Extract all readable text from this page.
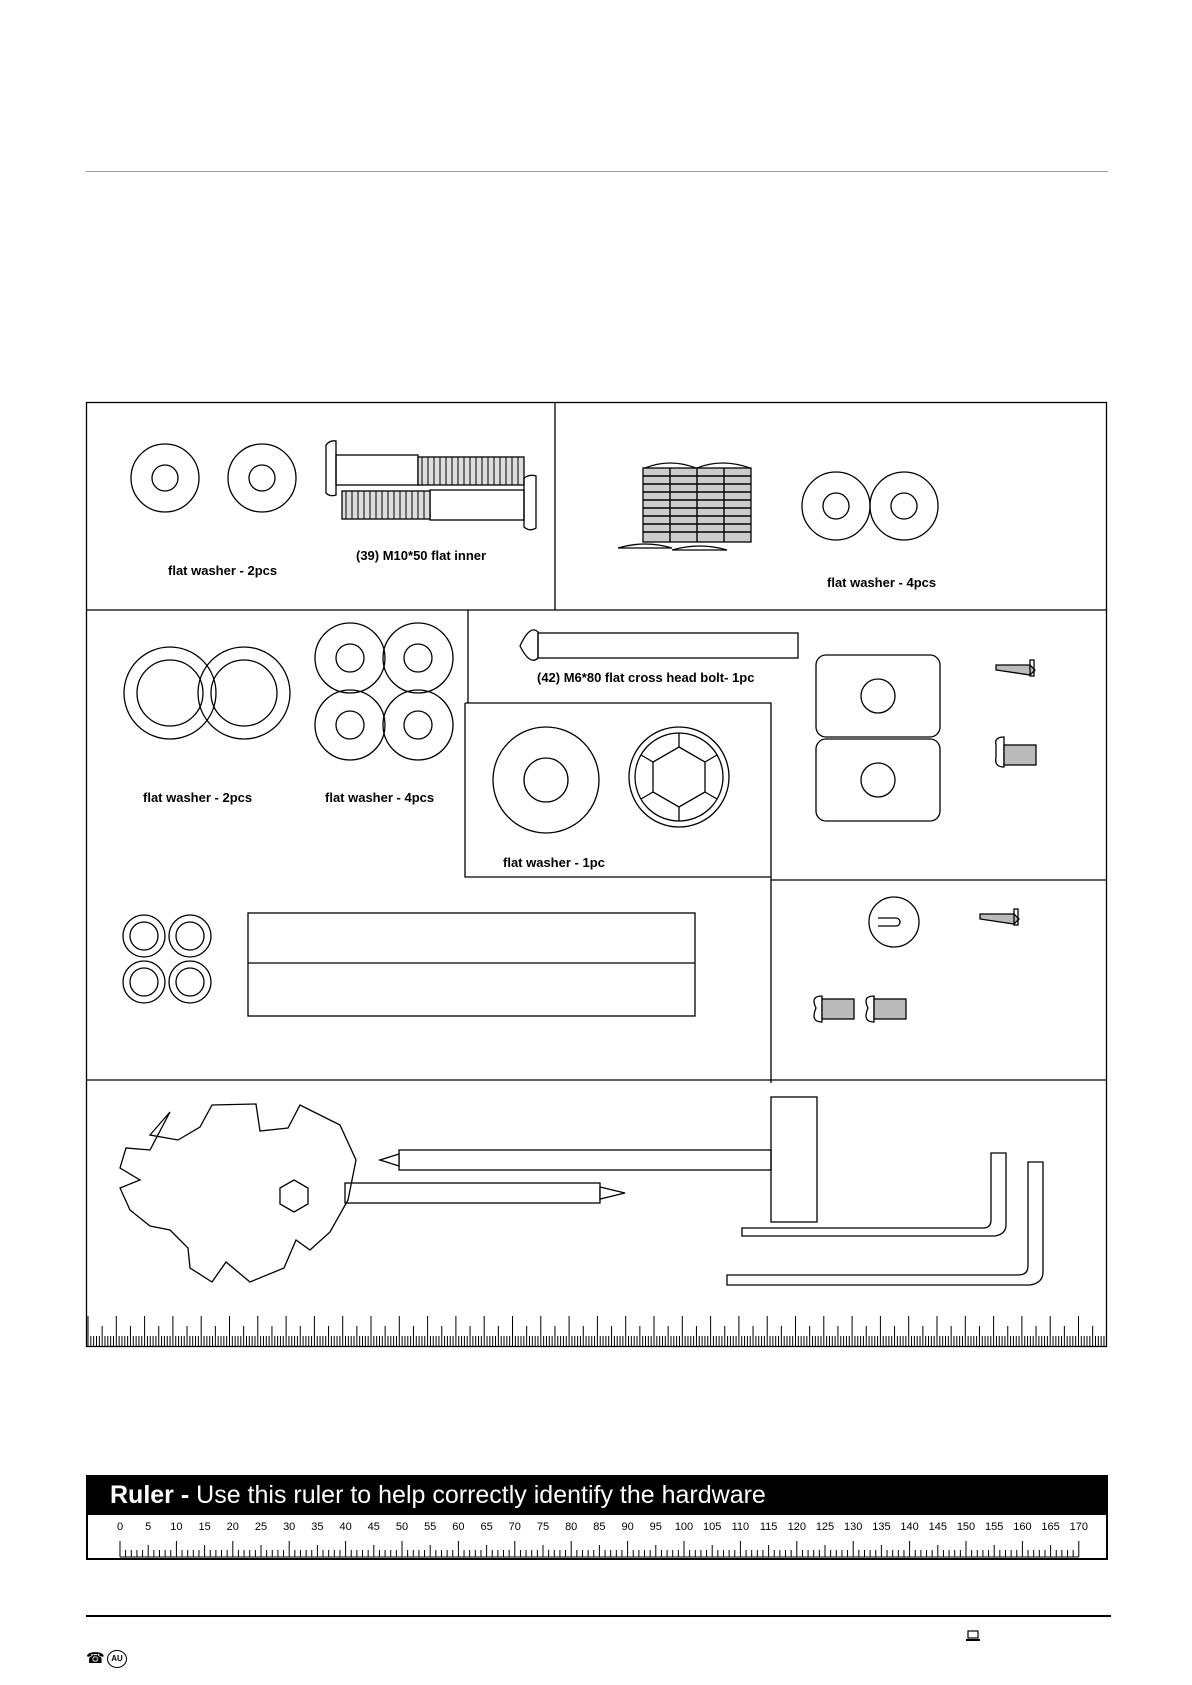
flat washer - 2pcs
(39) M10*50 flat inner
flat washer - 4pcs
flat washer - 2pcs	flat washer - 4pcs
(42) M6*80 flat cross head bolt- 1pc
flat washer - 1pc
Ruler - Use this ruler to help correctly identify the hardware
0 5 10 15 20 25 30 35 40 45 50 55 60 65 70 75 80 85 90 95 100 105 110 115 120 125 130 135 140 145 150 155 160 165 170
☎ AU
